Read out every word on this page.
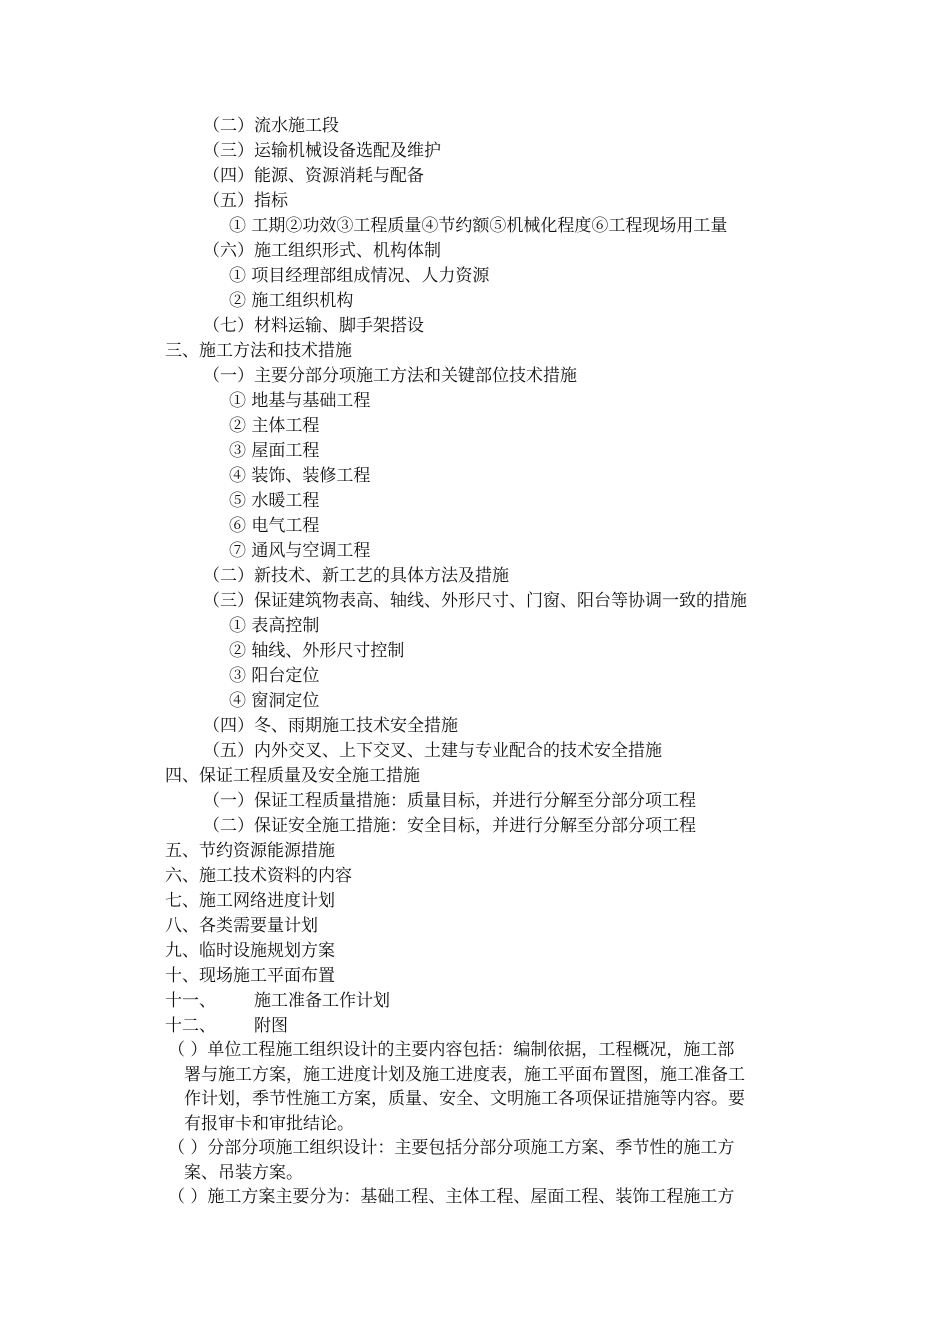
（二）流水施工段
（三）运输机械设备选配及维护
（四）能源、资源消耗与配备
（五）指标
① 工期②功效③工程质量④节约额⑤机械化程度⑥工程现场用工量
（六）施工组织形式、机构体制
① 项目经理部组成情况、人力资源
② 施工组织机构
（七）材料运输、脚手架搭设
三、施工方法和技术措施
（一）主要分部分项施工方法和关键部位技术措施
① 地基与基础工程
② 主体工程
③ 屋面工程
④ 装饰、装修工程
⑤ 水暖工程
⑥ 电气工程
⑦ 通风与空调工程
（二）新技术、新工艺的具体方法及措施
（三）保证建筑物表高、轴线、外形尺寸、门窗、阳台等协调一致的措施
① 表高控制
② 轴线、外形尺寸控制
③ 阳台定位
④ 窗洞定位
（四）冬、雨期施工技术安全措施
（五）内外交叉、上下交叉、土建与专业配合的技术安全措施
四、保证工程质量及安全施工措施
（一）保证工程质量措施：质量目标，并进行分解至分部分项工程
（二）保证安全施工措施：安全目标，并进行分解至分部分项工程
五、节约资源能源措施
六、施工技术资料的内容
七、施工网络进度计划
八、各类需要量计划
九、临时设施规划方案
十、现场施工平面布置
十一、 施工准备工作计划
十二、 附图
（ ）单位工程施工组织设计的主要内容包括：编制依据，工程概况，施工部
署与施工方案，施工进度计划及施工进度表，施工平面布置图，施工准备工
作计划，季节性施工方案，质量、安全、文明施工各项保证措施等内容。要
有报审卡和审批结论。
（ ）分部分项施工组织设计：主要包括分部分项施工方案、季节性的施工方
案、吊装方案。
（ ）施工方案主要分为：基础工程、主体工程、屋面工程、装饰工程施工方
